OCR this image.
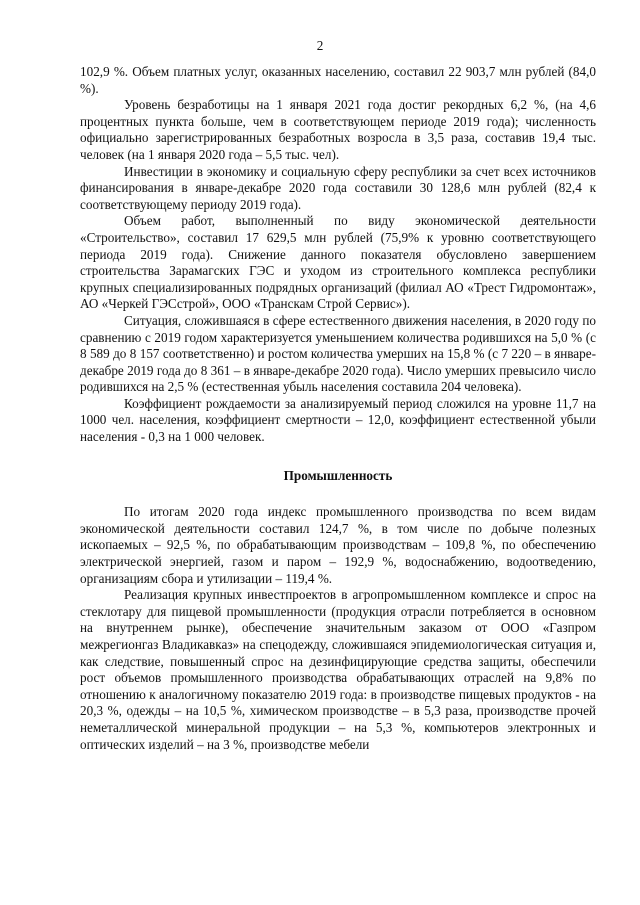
2

102,9 %. Объем платных услуг, оказанных населению, составил 22 903,7 млн рублей (84,0 %).

Уровень безработицы на 1 января 2021 года достиг рекордных 6,2 %, (на 4,6 процентных пункта больше, чем в соответствующем периоде 2019 года); численность официально зарегистрированных безработных возросла в 3,5 раза, составив 19,4 тыс. человек (на 1 января 2020 года – 5,5 тыс. чел).

Инвестиции в экономику и социальную сферу республики за счет всех источников финансирования в январе-декабре 2020 года составили 30 128,6 млн рублей (82,4 к соответствующему периоду 2019 года).

Объем работ, выполненный по виду экономической деятельности «Строительство», составил 17 629,5 млн рублей (75,9% к уровню соответствующего периода 2019 года). Снижение данного показателя обусловлено завершением строительства Зарамагских ГЭС и уходом из строительного комплекса республики крупных специализированных подрядных организаций (филиал АО «Трест Гидромонтаж», АО «Черкей ГЭСстрой», ООО «Транскам Строй Сервис»).

Ситуация, сложившаяся в сфере естественного движения населения, в 2020 году по сравнению с 2019 годом характеризуется уменьшением количества родившихся на 5,0 % (с 8 589 до 8 157 соответственно) и ростом количества умерших на 15,8 % (с 7 220 – в январе-декабре 2019 года до 8 361 – в январе-декабре 2020 года). Число умерших превысило число родившихся на 2,5 % (естественная убыль населения составила 204 человека).

Коэффициент рождаемости за анализируемый период сложился на уровне 11,7 на 1000 чел. населения, коэффициент смертности – 12,0, коэффициент естественной убыли населения - 0,3 на 1 000 человек.

Промышленность

По итогам 2020 года индекс промышленного производства по всем видам экономической деятельности составил 124,7 %, в том числе по добыче полезных ископаемых – 92,5 %, по обрабатывающим производствам – 109,8 %, по обеспечению электрической энергией, газом и паром – 192,9 %, водоснабжению, водоотведению, организациям сбора и утилизации – 119,4 %.

Реализация крупных инвестпроектов в агропромышленном комплексе и спрос на стеклотару для пищевой промышленности (продукция отрасли потребляется в основном на внутреннем рынке), обеспечение значительным заказом от ООО «Газпром межрегионгаз Владикавказ» на спецодежду, сложившаяся эпидемиологическая ситуация и, как следствие, повышенный спрос на дезинфицирующие средства защиты, обеспечили рост объемов промышленного производства обрабатывающих отраслей на 9,8% по отношению к аналогичному показателю 2019 года: в производстве пищевых продуктов - на 20,3 %, одежды – на 10,5 %, химическом производстве – в 5,3 раза, производстве прочей неметаллической минеральной продукции – на 5,3 %, компьютеров электронных и оптических изделий – на 3 %, производстве мебели
